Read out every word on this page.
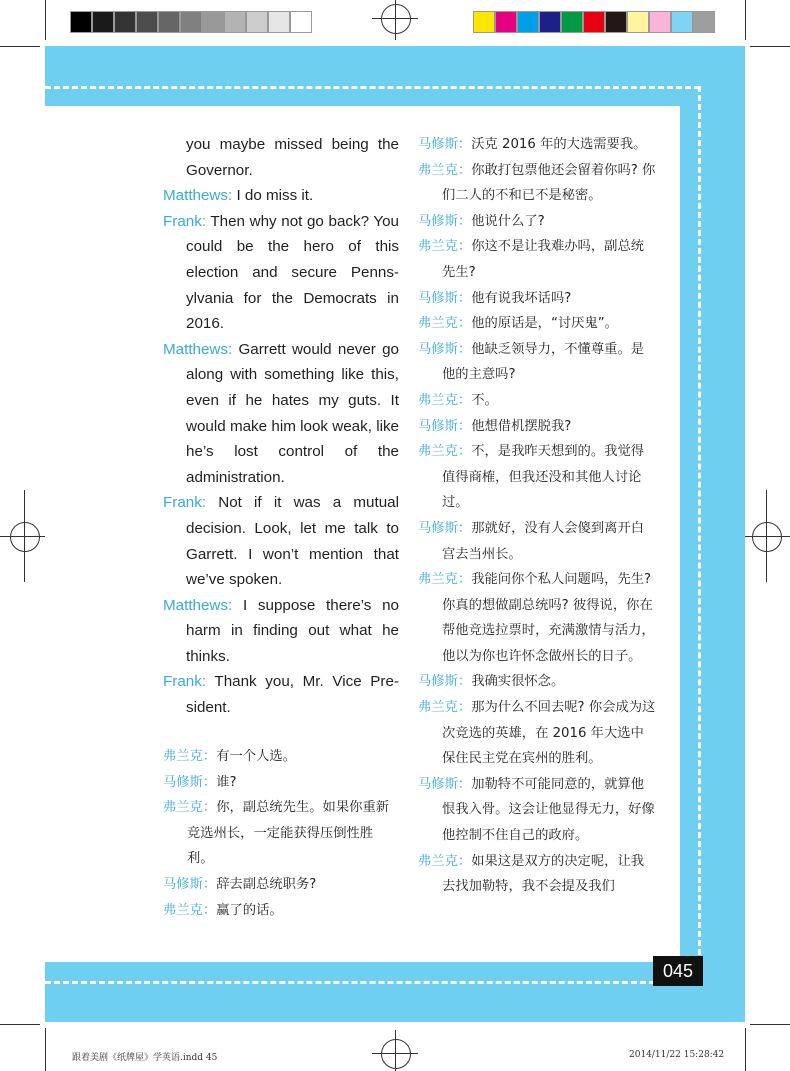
you maybe missed being the Governor.

Matthews: I do miss it.

Frank: Then why not go back? You could be the hero of this election and secure Penns-ylvania for the Democrats in 2016.

Matthews: Garrett would never go along with something like this, even if he hates my guts. It would make him look weak, like he’s lost control of the administration.

Frank: Not if it was a mutual decision. Look, let me talk to Garrett. I won’t mention that we’ve spoken.

Matthews: I suppose there’s no harm in finding out what he thinks.

Frank: Thank you, Mr. Vice Pre-sident.

弗兰克：有一个人选。

马修斯：谁?

弗兰克：你，副总统先生。如果你重新竞选州长，一定能获得压倒性胜利。

马修斯：辞去副总统职务?

弗兰克：赢了的话。

马修斯：沃克 2016 年的大选需要我。

弗兰克：你敢打包票他还会留着你吗? 你们二人的不和已不是秘密。

马修斯：他说什么了?

弗兰克：你这不是让我难办吗，副总统先生?

马修斯：他有说我坏话吗?

弗兰克：他的原话是，“讨厌鬼”。

马修斯：他缺乏领导力，不懂尊重。是他的主意吗?

弗兰克：不。

马修斯：他想借机摆脱我?

弗兰克：不，是我昨天想到的。我觉得值得商榷，但我还没和其他人讨论过。

马修斯：那就好，没有人会傻到离开白宫去当州长。

弗兰克：我能问你个私人问题吗，先生? 你真的想做副总统吗? 彼得说，你在帮他竞选拉票时，充满激情与活力，他以为你也许怀念做州长的日子。

马修斯：我确实很怀念。

弗兰克：那为什么不回去呢? 你会成为这次竞选的英雄，在 2016 年大选中保住民主党在宾州的胜利。

马修斯：加勒特不可能同意的，就算他恨我入骨。这会让他显得无力，好像他控制不住自己的政府。

弗兰克：如果这是双方的决定呢，让我去找加勒特，我不会提及我们

045
跟着美剧《纸牌屋》学英语.indd 45	2014/11/22 15:28:42
